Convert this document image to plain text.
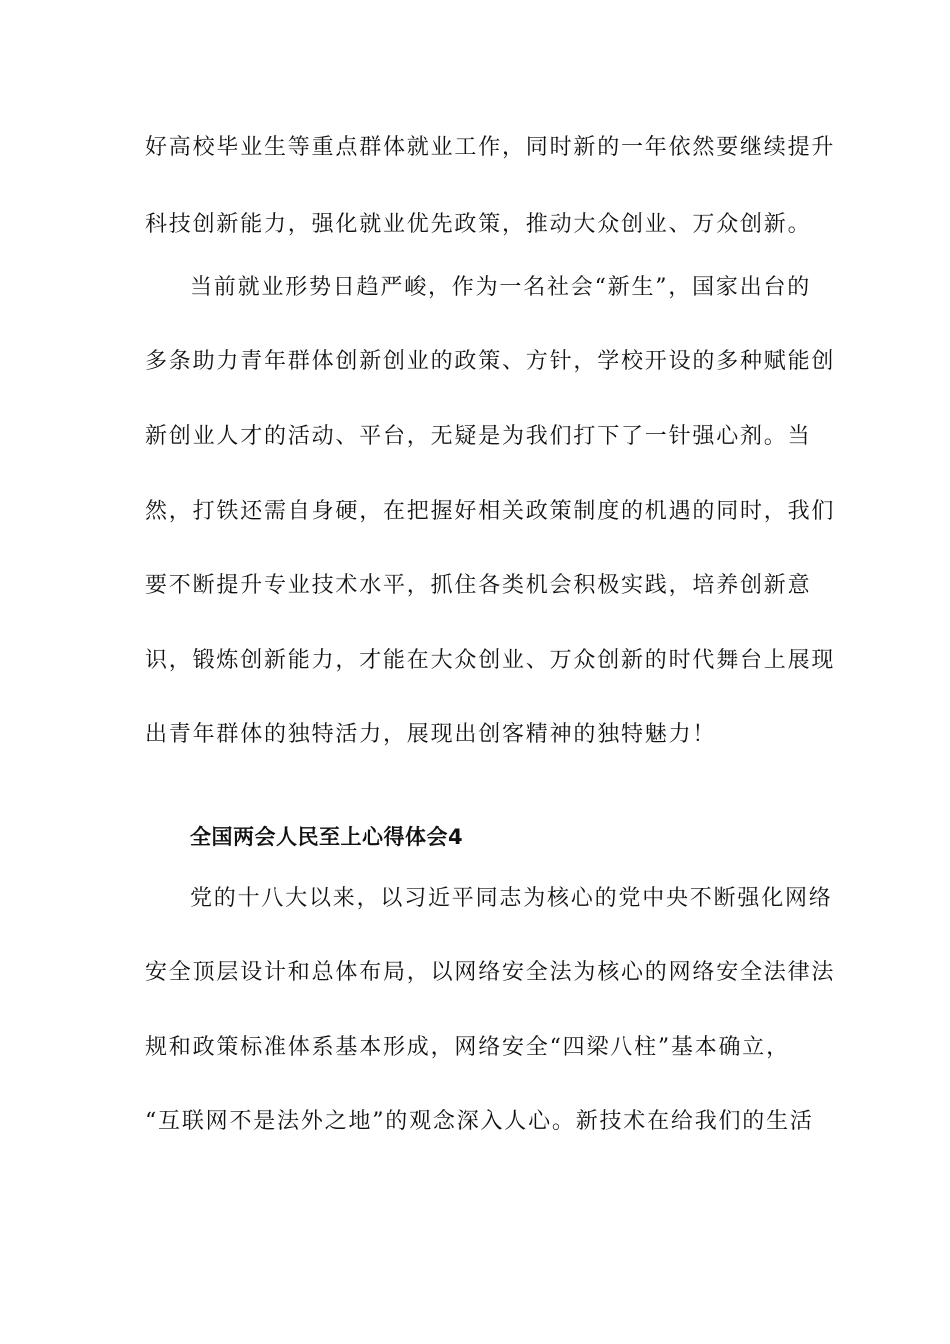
好高校毕业生等重点群体就业工作，同时新的一年依然要继续提升
科技创新能力，强化就业优先政策，推动大众创业、万众创新。
当前就业形势日趋严峻，作为一名社会“新生”，国家出台的
多条助力青年群体创新创业的政策、方针，学校开设的多种赋能创
新创业人才的活动、平台，无疑是为我们打下了一针强心剂。当
然，打铁还需自身硬，在把握好相关政策制度的机遇的同时，我们
要不断提升专业技术水平，抓住各类机会积极实践，培养创新意
识，锻炼创新能力，才能在大众创业、万众创新的时代舞台上展现
出青年群体的独特活力，展现出创客精神的独特魅力！
全国两会人民至上心得体会4
党的十八大以来，以习近平同志为核心的党中央不断强化网络
安全顶层设计和总体布局，以网络安全法为核心的网络安全法律法
规和政策标准体系基本形成，网络安全“四梁八柱”基本确立，
“互联网不是法外之地”的观念深入人心。新技术在给我们的生活
